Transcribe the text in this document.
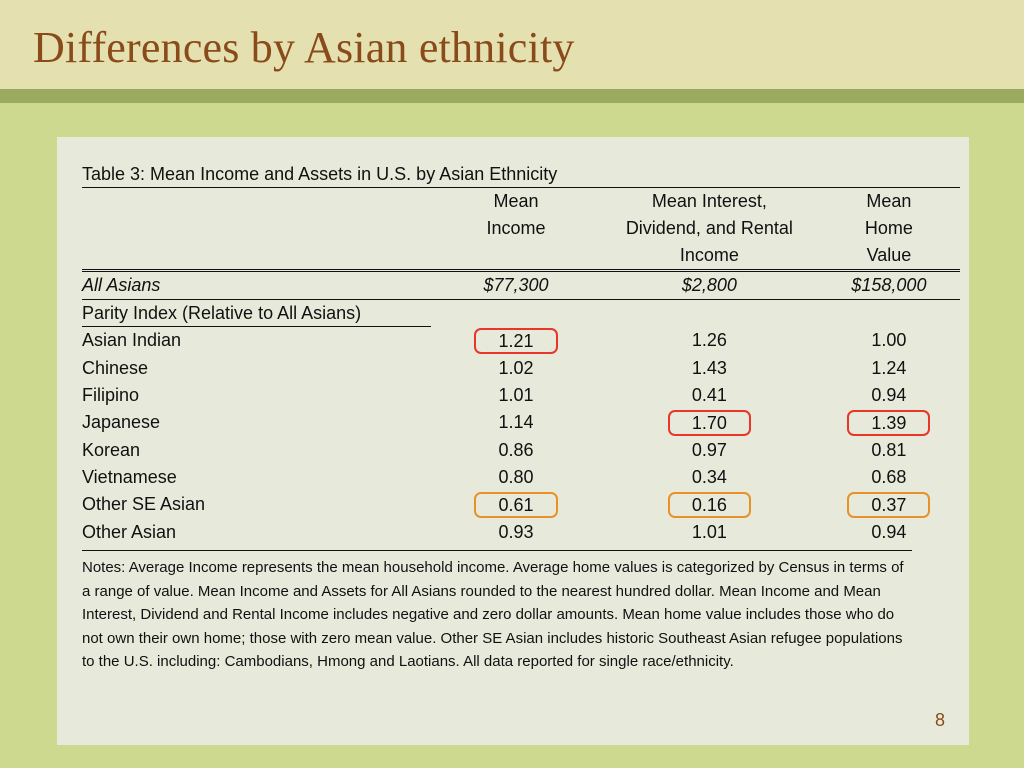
Differences by Asian ethnicity
Table 3: Mean Income and Assets in U.S. by Asian Ethnicity
	Mean	Mean Interest,	Mean
	Income	Dividend, and Rental	Home
		Income	Value
All Asians	$77,300	$2,800	$158,000
Parity Index (Relative to All Asians)			
Asian Indian	1.21	1.26	1.00
Chinese	1.02	1.43	1.24
Filipino	1.01	0.41	0.94
Japanese	1.14	1.70	1.39
Korean	0.86	0.97	0.81
Vietnamese	0.80	0.34	0.68
Other SE Asian	0.61	0.16	0.37
Other Asian	0.93	1.01	0.94
Notes: Average Income represents the mean household income. Average home values is categorized by Census in terms of a range of value. Mean Income and Assets for All Asians rounded to the nearest hundred dollar. Mean Income and Mean Interest, Dividend and Rental Income includes negative and zero dollar amounts. Mean home value includes those who do not own their own home; those with zero mean value. Other SE Asian includes historic Southeast Asian refugee populations to the U.S. including: Cambodians, Hmong and Laotians. All data reported for single race/ethnicity.
8
